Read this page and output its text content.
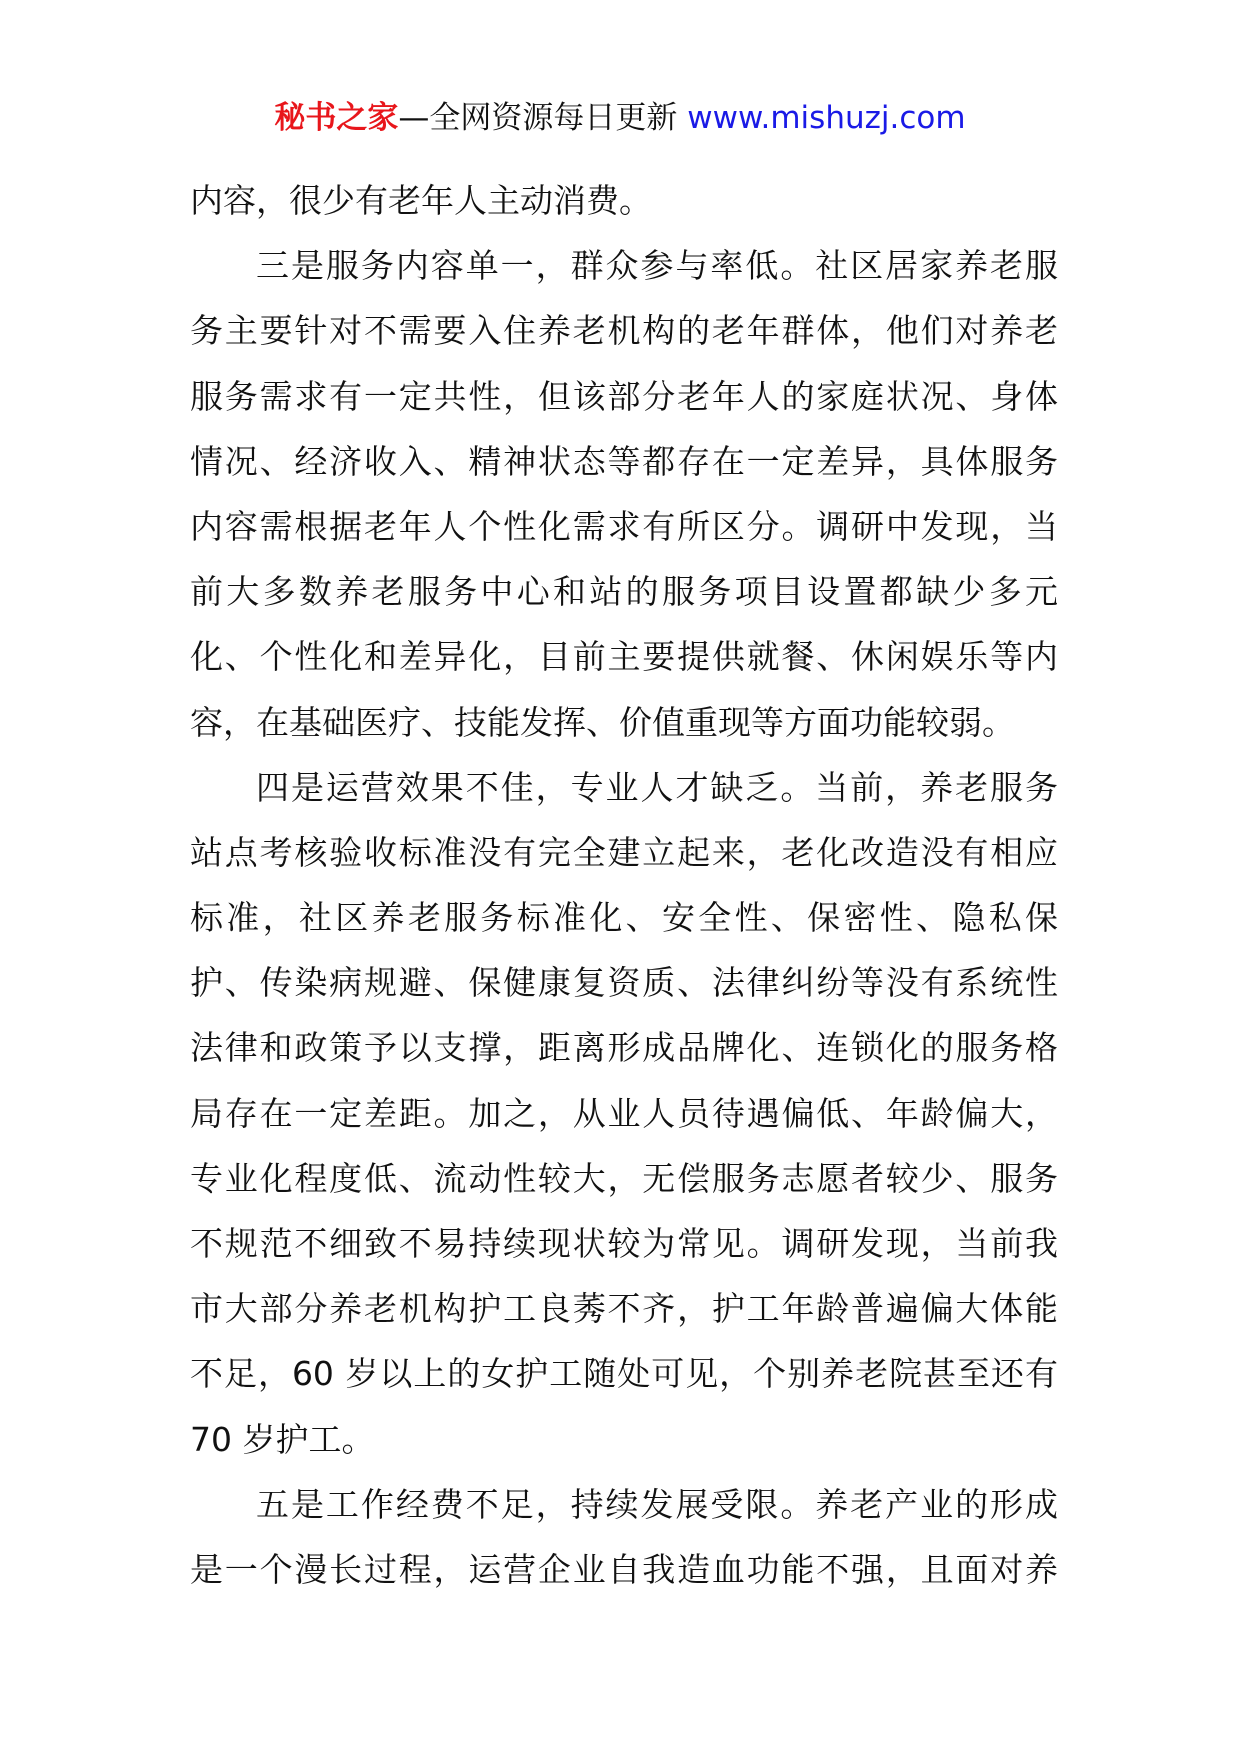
秘书之家—全网资源每日更新 www.mishuzj.com
内容，很少有老年人主动消费。
三是服务内容单一，群众参与率低。社区居家养老服
务主要针对不需要入住养老机构的老年群体，他们对养老
服务需求有一定共性，但该部分老年人的家庭状况、身体
情况、经济收入、精神状态等都存在一定差异，具体服务
内容需根据老年人个性化需求有所区分。调研中发现，当
前大多数养老服务中心和站的服务项目设置都缺少多元
化、个性化和差异化，目前主要提供就餐、休闲娱乐等内
容，在基础医疗、技能发挥、价值重现等方面功能较弱。
四是运营效果不佳，专业人才缺乏。当前，养老服务
站点考核验收标准没有完全建立起来，老化改造没有相应
标准，社区养老服务标准化、安全性、保密性、隐私保
护、传染病规避、保健康复资质、法律纠纷等没有系统性
法律和政策予以支撑，距离形成品牌化、连锁化的服务格
局存在一定差距。加之，从业人员待遇偏低、年龄偏大，
专业化程度低、流动性较大，无偿服务志愿者较少、服务
不规范不细致不易持续现状较为常见。调研发现，当前我
市大部分养老机构护工良莠不齐，护工年龄普遍偏大体能
不足，60 岁以上的女护工随处可见，个别养老院甚至还有
70 岁护工。
五是工作经费不足，持续发展受限。养老产业的形成
是一个漫长过程，运营企业自我造血功能不强，且面对养
